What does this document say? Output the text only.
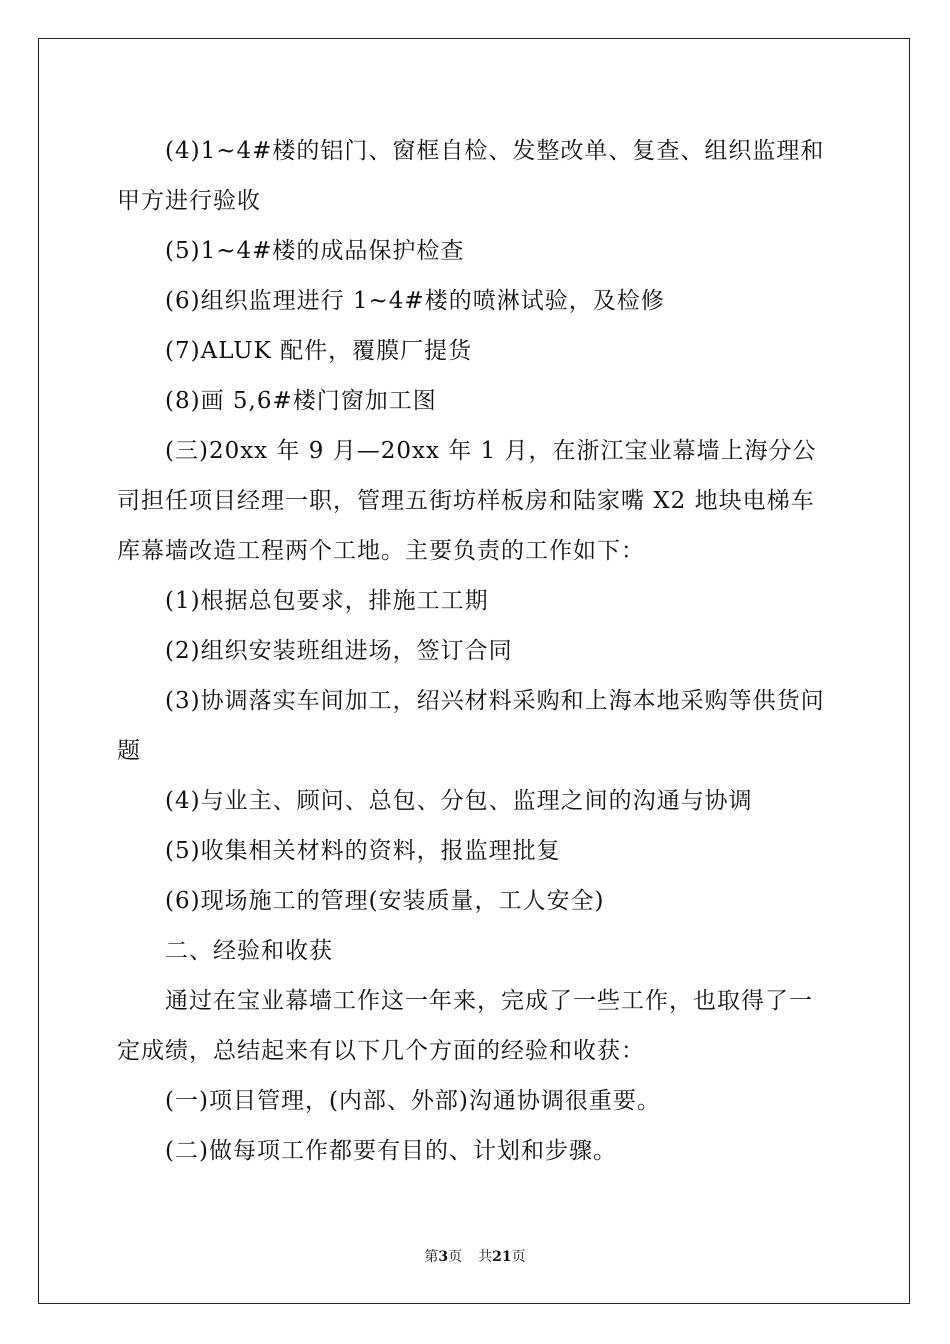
(4)1~4#楼的铝门、窗框自检、发整改单、复查、组织监理和甲方进行验收

(5)1~4#楼的成品保护检查

(6)组织监理进行 1~4#楼的喷淋试验，及检修

(7)ALUK 配件，覆膜厂提货

(8)画 5,6#楼门窗加工图

(三)20xx 年 9 月—20xx 年 1 月，在浙江宝业幕墙上海分公司担任项目经理一职，管理五街坊样板房和陆家嘴 X2 地块电梯车库幕墙改造工程两个工地。主要负责的工作如下：

(1)根据总包要求，排施工工期

(2)组织安装班组进场，签订合同

(3)协调落实车间加工，绍兴材料采购和上海本地采购等供货问题

(4)与业主、顾问、总包、分包、监理之间的沟通与协调

(5)收集相关材料的资料，报监理批复

(6)现场施工的管理(安装质量，工人安全)

二、经验和收获

通过在宝业幕墙工作这一年来，完成了一些工作，也取得了一定成绩，总结起来有以下几个方面的经验和收获：

(一)项目管理，(内部、外部)沟通协调很重要。

(二)做每项工作都要有目的、计划和步骤。

第3页 共21页
